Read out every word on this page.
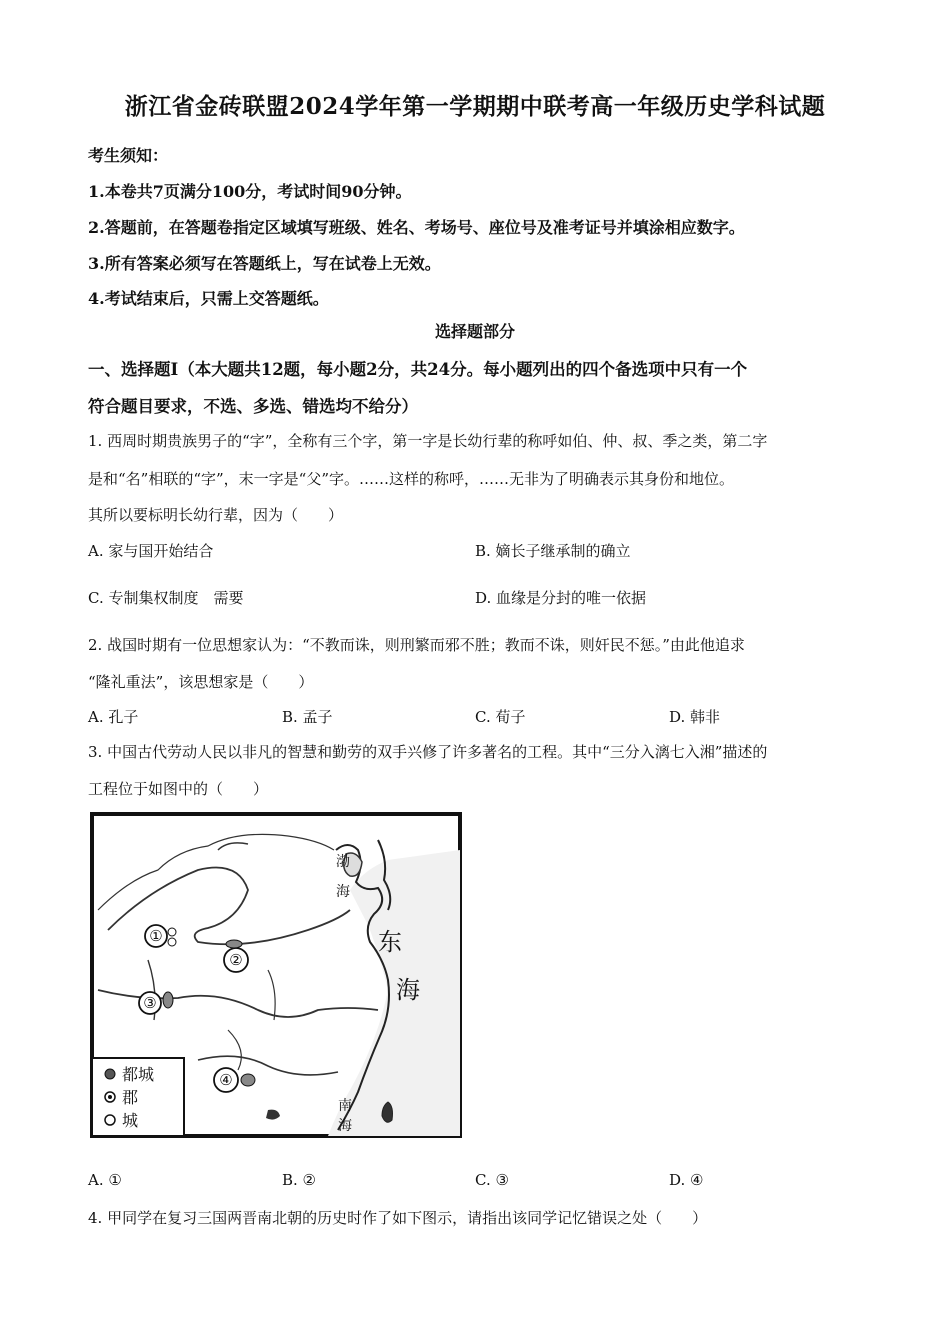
浙江省金砖联盟2024学年第一学期期中联考高一年级历史学科试题
考生须知：
1.本卷共7页满分100分，考试时间90分钟。
2.答题前，在答题卷指定区域填写班级、姓名、考场号、座位号及准考证号并填涂相应数字。
3.所有答案必须写在答题纸上，写在试卷上无效。
4.考试结束后，只需上交答题纸。
选择题部分
一、选择题Ⅰ（本大题共12题，每小题2分，共24分。每小题列出的四个备选项中只有一个
符合题目要求，不选、多选、错选均不给分）
1. 西周时期贵族男子的“字”，全称有三个字，第一字是长幼行辈的称呼如伯、仲、叔、季之类，第二字
是和“名”相联的“字”，末一字是“父”字。……这样的称呼，……无非为了明确表示其身份和地位。
其所以要标明长幼行辈，因为（　　）
A. 家与国开始结合	B. 嫡长子继承制的确立
C. 专制集权制度　需要	D. 血缘是分封的唯一依据
2. 战国时期有一位思想家认为：“不教而诛，则刑繁而邪不胜；教而不诛，则奸民不惩。”由此他追求
“隆礼重法”，该思想家是（　　）
A. 孔子	B. 孟子	C. 荀子	D. 韩非
3. 中国古代劳动人民以非凡的智慧和勤劳的双手兴修了许多著名的工程。其中“三分入漓七入湘”描述的
工程位于如图中的（　　）
渤
海
东
海
南
海
①
②
③
④
都城
郡
城
A. ①	B. ②	C. ③	D. ④
4. 甲同学在复习三国两晋南北朝的历史时作了如下图示，请指出该同学记忆错误之处（　　）
